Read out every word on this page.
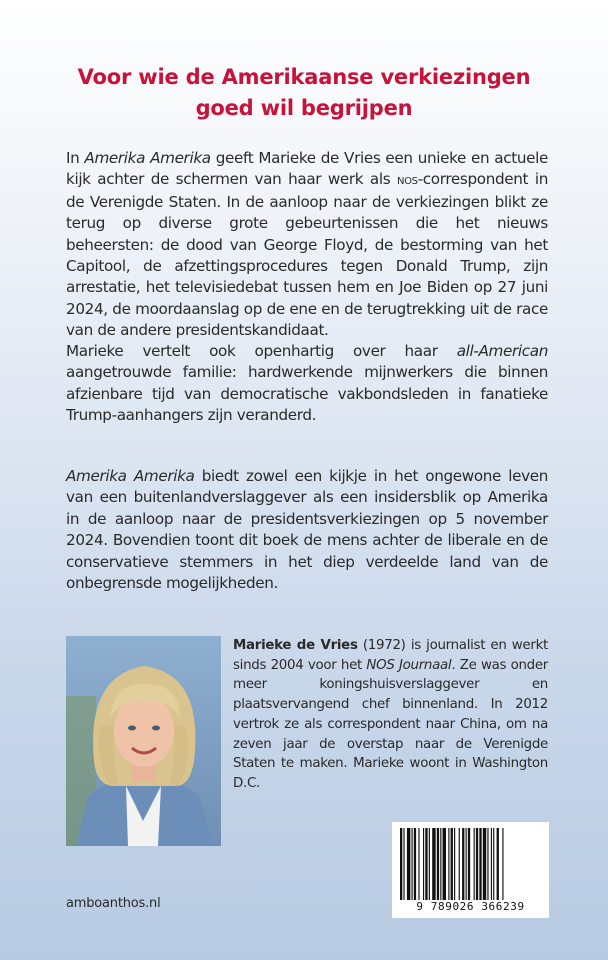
Voor wie de Amerikaanse verkiezingen
goed wil begrijpen
In Amerika Amerika geeft Marieke de Vries een unieke en actuele kijk achter de schermen van haar werk als nos-correspondent in de Verenigde Staten. In de aanloop naar de verkiezingen blikt ze terug op diverse grote gebeurtenissen die het nieuws beheersten: de dood van George Floyd, de bestorming van het Capitool, de afzettingsprocedures tegen Donald Trump, zijn arrestatie, het televisiedebat tussen hem en Joe Biden op 27 juni 2024, de moordaanslag op de ene en de terugtrekking uit de race van de andere presidentskandidaat.
Marieke vertelt ook openhartig over haar all-American aangetrouwde familie: hardwerkende mijnwerkers die binnen afzienbare tijd van democratische vakbondsleden in fanatieke Trump-aanhangers zijn veranderd.
Amerika Amerika biedt zowel een kijkje in het ongewone leven van een buitenlandverslaggever als een insidersblik op Amerika in de aanloop naar de presidentsverkiezingen op 5 november 2024. Bovendien toont dit boek de mens achter de liberale en de conservatieve stemmers in het diep verdeelde land van de onbegrensde mogelijkheden.
Marieke de Vries (1972) is journalist en werkt sinds 2004 voor het NOS Journaal. Ze was onder meer koningshuisverslaggever en plaatsvervangend chef binnenland. In 2012 vertrok ze als correspondent naar China, om na zeven jaar de overstap naar de Verenigde Staten te maken. Marieke woont in Washington D.C.
amboanthos.nl	9 789026 366239
